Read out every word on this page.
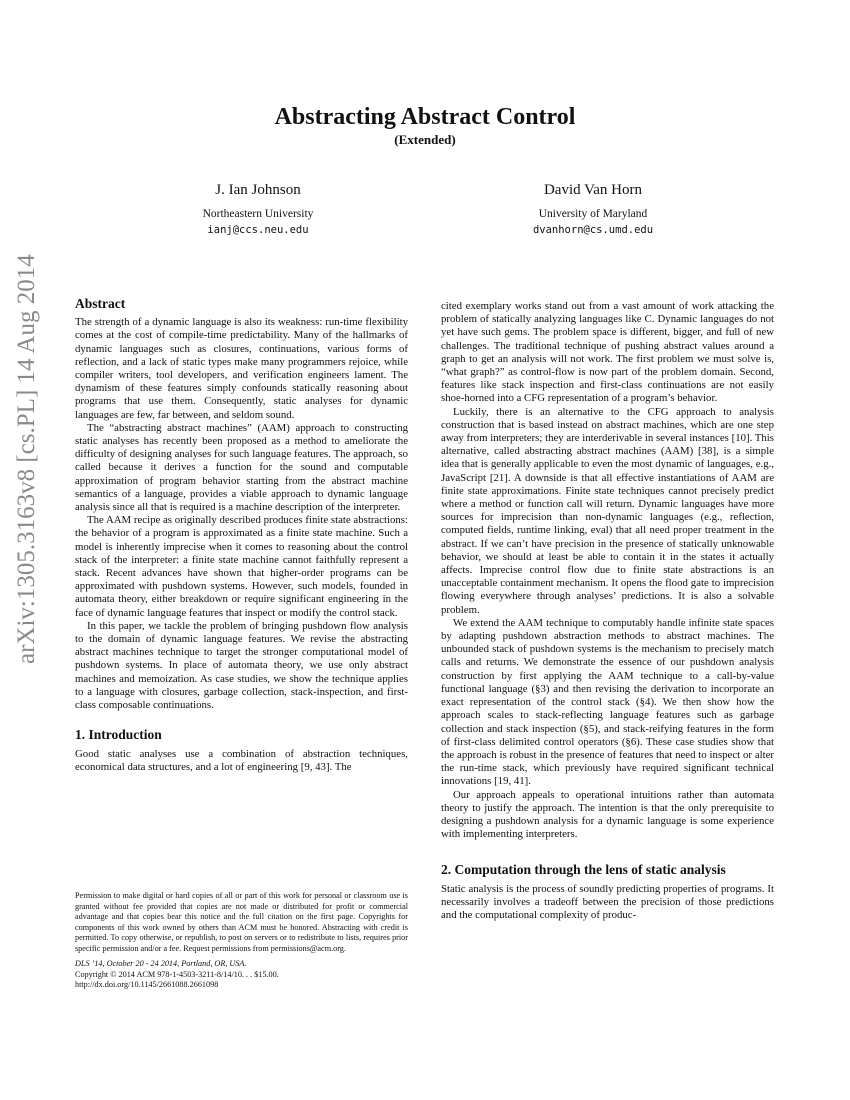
Abstracting Abstract Control
(Extended)
J. Ian Johnson
Northeastern University
ianj@ccs.neu.edu
David Van Horn
University of Maryland
dvanhorn@cs.umd.edu
arXiv:1305.3163v8 [cs.PL] 14 Aug 2014	Abstract

The strength of a dynamic language is also its weakness: run-time flexibility comes at the cost of compile-time predictability. Many of the hallmarks of dynamic languages such as closures, continuations, various forms of reflection, and a lack of static types make many programmers rejoice, while compiler writers, tool developers, and verification engineers lament. The dynamism of these features simply confounds statically reasoning about programs that use them. Consequently, static analyses for dynamic languages are few, far between, and seldom sound.

The “abstracting abstract machines” (AAM) approach to constructing static analyses has recently been proposed as a method to ameliorate the difficulty of designing analyses for such language features. The approach, so called because it derives a function for the sound and computable approximation of program behavior starting from the abstract machine semantics of a language, provides a viable approach to dynamic language analysis since all that is required is a machine description of the interpreter.

The AAM recipe as originally described produces finite state abstractions: the behavior of a program is approximated as a finite state machine. Such a model is inherently imprecise when it comes to reasoning about the control stack of the interpreter: a finite state machine cannot faithfully represent a stack. Recent advances have shown that higher-order programs can be approximated with pushdown systems. However, such models, founded in automata theory, either breakdown or require significant engineering in the face of dynamic language features that inspect or modify the control stack.

In this paper, we tackle the problem of bringing pushdown flow analysis to the domain of dynamic language features. We revise the abstracting abstract machines technique to target the stronger computational model of pushdown systems. In place of automata theory, we use only abstract machines and memoization. As case studies, we show the technique applies to a language with closures, garbage collection, stack-inspection, and first-class composable continuations.

1. Introduction

Good static analyses use a combination of abstraction techniques, economical data structures, and a lot of engineering [9, 43]. The

Permission to make digital or hard copies of all or part of this work for personal or classroom use is granted without fee provided that copies are not made or distributed for profit or commercial advantage and that copies bear this notice and the full citation on the first page. Copyrights for components of this work owned by others than ACM must be honored. Abstracting with credit is permitted. To copy otherwise, or republish, to post on servers or to redistribute to lists, requires prior specific permission and/or a fee. Request permissions from permissions@acm.org.

DLS ’14, October 20 - 24 2014, Portland, OR, USA.
Copyright © 2014 ACM 978-1-4503-3211-8/14/10. . . $15.00.
http://dx.doi.org/10.1145/2661088.2661098

cited exemplary works stand out from a vast amount of work attacking the problem of statically analyzing languages like C. Dynamic languages do not yet have such gems. The problem space is different, bigger, and full of new challenges. The traditional technique of pushing abstract values around a graph to get an analysis will not work. The first problem we must solve is, “what graph?” as control-flow is now part of the problem domain. Second, features like stack inspection and first-class continuations are not easily shoe-horned into a CFG representation of a program’s behavior.

Luckily, there is an alternative to the CFG approach to analysis construction that is based instead on abstract machines, which are one step away from interpreters; they are interderivable in several instances [10]. This alternative, called abstracting abstract machines (AAM) [38], is a simple idea that is generally applicable to even the most dynamic of languages, e.g., JavaScript [21]. A downside is that all effective instantiations of AAM are finite state approximations. Finite state techniques cannot precisely predict where a method or function call will return. Dynamic languages have more sources for imprecision than non-dynamic languages (e.g., reflection, computed fields, runtime linking, eval) that all need proper treatment in the abstract. If we can’t have precision in the presence of statically unknowable behavior, we should at least be able to contain it in the states it actually affects. Imprecise control flow due to finite state abstractions is an unacceptable containment mechanism. It opens the flood gate to imprecision flowing everywhere through analyses’ predictions. It is also a solvable problem.

We extend the AAM technique to computably handle infinite state spaces by adapting pushdown abstraction methods to abstract machines. The unbounded stack of pushdown systems is the mechanism to precisely match calls and returns. We demonstrate the essence of our pushdown analysis construction by first applying the AAM technique to a call-by-value functional language (§3) and then revising the derivation to incorporate an exact representation of the control stack (§4). We then show how the approach scales to stack-reflecting language features such as garbage collection and stack inspection (§5), and stack-reifying features in the form of first-class delimited control operators (§6). These case studies show that the approach is robust in the presence of features that need to inspect or alter the run-time stack, which previously have required significant technical innovations [19, 41].

Our approach appeals to operational intuitions rather than automata theory to justify the approach. The intention is that the only prerequisite to designing a pushdown analysis for a dynamic language is some experience with implementing interpreters.

2. Computation through the lens of static analysis

Static analysis is the process of soundly predicting properties of programs. It necessarily involves a tradeoff between the precision of those predictions and the computational complexity of produc-
